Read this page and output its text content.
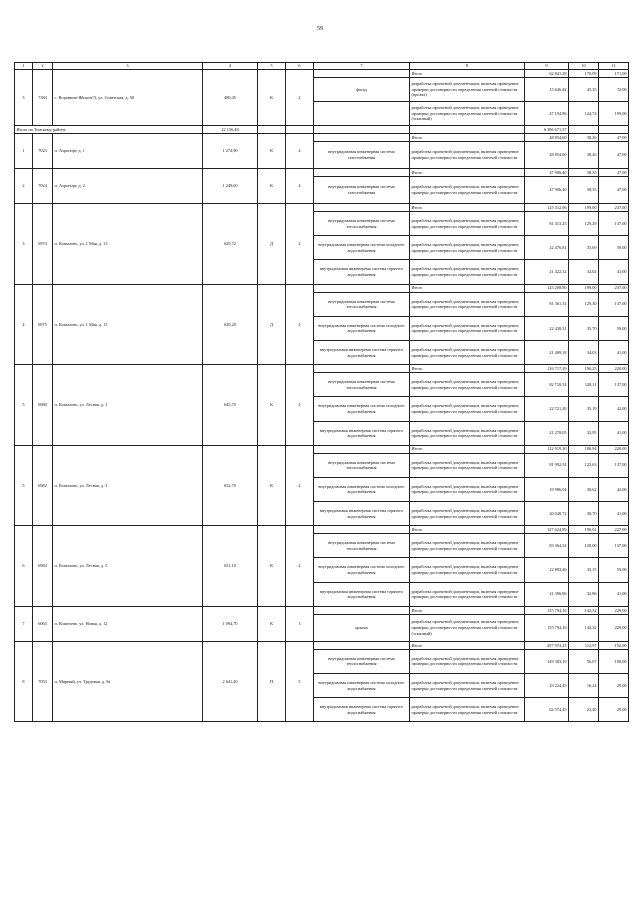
59
1	2	3	4	5	6	7	8	9	10	11
5	7384	с. Воронино-Яйское(?), ул. Советская, д. 50	480,45	К	2		Итого	62 841,28	170,09	171,00
						фасад	разработка проектной документации, включая проведение проверки достоверности определения сметной стоимости (проект)	15 646,42	45,35	72,00
							разработка проектной документации, включая проведение проверки достоверности определения сметной стоимости (эскизный)	47 194,86	124,74	199,00
Итого по Томскому району			22 156,48					6 386 671,57		
1	7023	п. Аэропорт, д. 1	1 274,90	К	4		Итого	48 854,60	38,26	47,00
						внутридомовая инженерная система газоснабжения	разработка проектной документации, включая проведение проверки достоверности определения сметной стоимости	48 854,60	38,26	47,00
2	7024	п. Аэропорт, д. 2	1 249,60	К	4		Итого	47 906,40	38,35	47,00
						внутридомовая инженерная система газоснабжения	разработка проектной документации, включая проведение проверки достоверности определения сметной стоимости	47 906,40	38,35	47,00
3	6974	п. Копылово, ул. 1 Мая, д. 13	629,72	Д	2		Итого	125 312,96	199,00	237,00
						внутридомовая инженерная система теплоснабжения	разработка проектной документации, включая проведение проверки достоверности определения сметной стоимости	81 413,25	129,29	137,00
						внутридомовая инженерная система холодного водоснабжения	разработка проектной документации, включая проведение проверки достоверности определения сметной стоимости	22 476,81	35,69	59,00
						внутридомовая инженерная система горячего водоснабжения	разработка проектной документации, включая проведение проверки достоверности определения сметной стоимости	21 422,32	34,02	41,00
4	6975	п. Копылово, ул. 1 Мая, д. 15	629,20	Д	2		Итого	125 208,80	199,00	237,00
						внутридомовая инженерная система теплоснабжения	разработка проектной документации, включая проведение проверки достоверности определения сметной стоимости	81 361,31	129,30	137,00
						внутридомовая инженерная система холодного водоснабжения	разработка проектной документации, включая проведение проверки достоверности определения сметной стоимости	22 438,31	35,70	59,00
						внутридомовая инженерная система горячего водоснабжения	разработка проектной документации, включая проведение проверки достоверности определения сметной стоимости	21 409,18	34,03	41,00
5	6980	п. Копылово, ул. Лесная, д. 1	645,70	К	2		Итого	126 717,29	196,25	220,00
						внутридомовая инженерная система теплоснабжения	разработка проектной документации, включая проведение проверки достоверности определения сметной стоимости	82 718,54	128,11	137,00
						внутридомовая инженерная система холодного водоснабжения	разработка проектной документации, включая проведение проверки достоверности определения сметной стоимости	22 721,20	35,19	42,00
						внутридомовая инженерная система горячего водоснабжения	разработка проектной документации, включая проведение проверки достоверности определения сметной стоимости	21 278,05	32,95	41,00
5	6982	п. Копылово, ул. Лесная, д. 3	652,70	К	2		Итого	122 019,30	186,94	220,00
						внутридомовая инженерная система теплоснабжения	разработка проектной документации, включая проведение проверки достоверности определения сметной стоимости	81 992,54	125,63	137,00
						внутридомовая инженерная система холодного водоснабжения	разработка проектной документации, включая проведение проверки достоверности определения сметной стоимости	19 986,04	30,62	42,00
						внутридомовая инженерная система горячего водоснабжения	разработка проектной документации, включая проведение проверки достоверности определения сметной стоимости	20 040,72	30,70	41,00
6	6984	п. Копылово, ул. Лесная, д. 5	651,10	К	2		Итого	127 624,89	196,01	227,00
						внутридомовая инженерная система теплоснабжения	разработка проектной документации, включая проведение проверки достоверности определения сметной стоимости	83 364,54	128,00	137,00
						внутридомовая инженерная система холодного водоснабжения	разработка проектной документации, включая проведение проверки достоверности определения сметной стоимости	22 883,20	35,15	59,00
						внутридомовая инженерная система горячего водоснабжения	разработка проектной документации, включая проведение проверки достоверности определения сметной стоимости	21 396,86	32,86	41,00
7	6063	п. Кошелево, ул. Новая, д. 12	1 094,70	К	3		Итого	155 794,16	142,32	229,00
						крыша	разработка проектной документации, включая проведение проверки достоверности определения сметной стоимости (эскизный)	155 794,16	142,32	229,00
8	7053	п. Мирный, ул. Трудовая, д. 9а	2 641,20	П	5		Итого	297 974,25	112,97	152,00
						внутридомовая инженерная система теплоснабжения	разработка проектной документации, включая проведение проверки достоверности определения сметной стоимости	149 303,19	56,07	100,00
						внутридомовая инженерная система холодного водоснабжения	разработка проектной документации, включая проведение проверки достоверности определения сметной стоимости	43 224,45	16,24	29,00
						внутридомовая инженерная система горячего водоснабжения	разработка проектной документации, включая проведение проверки достоверности определения сметной стоимости	62 574,45	23,49	29,00
